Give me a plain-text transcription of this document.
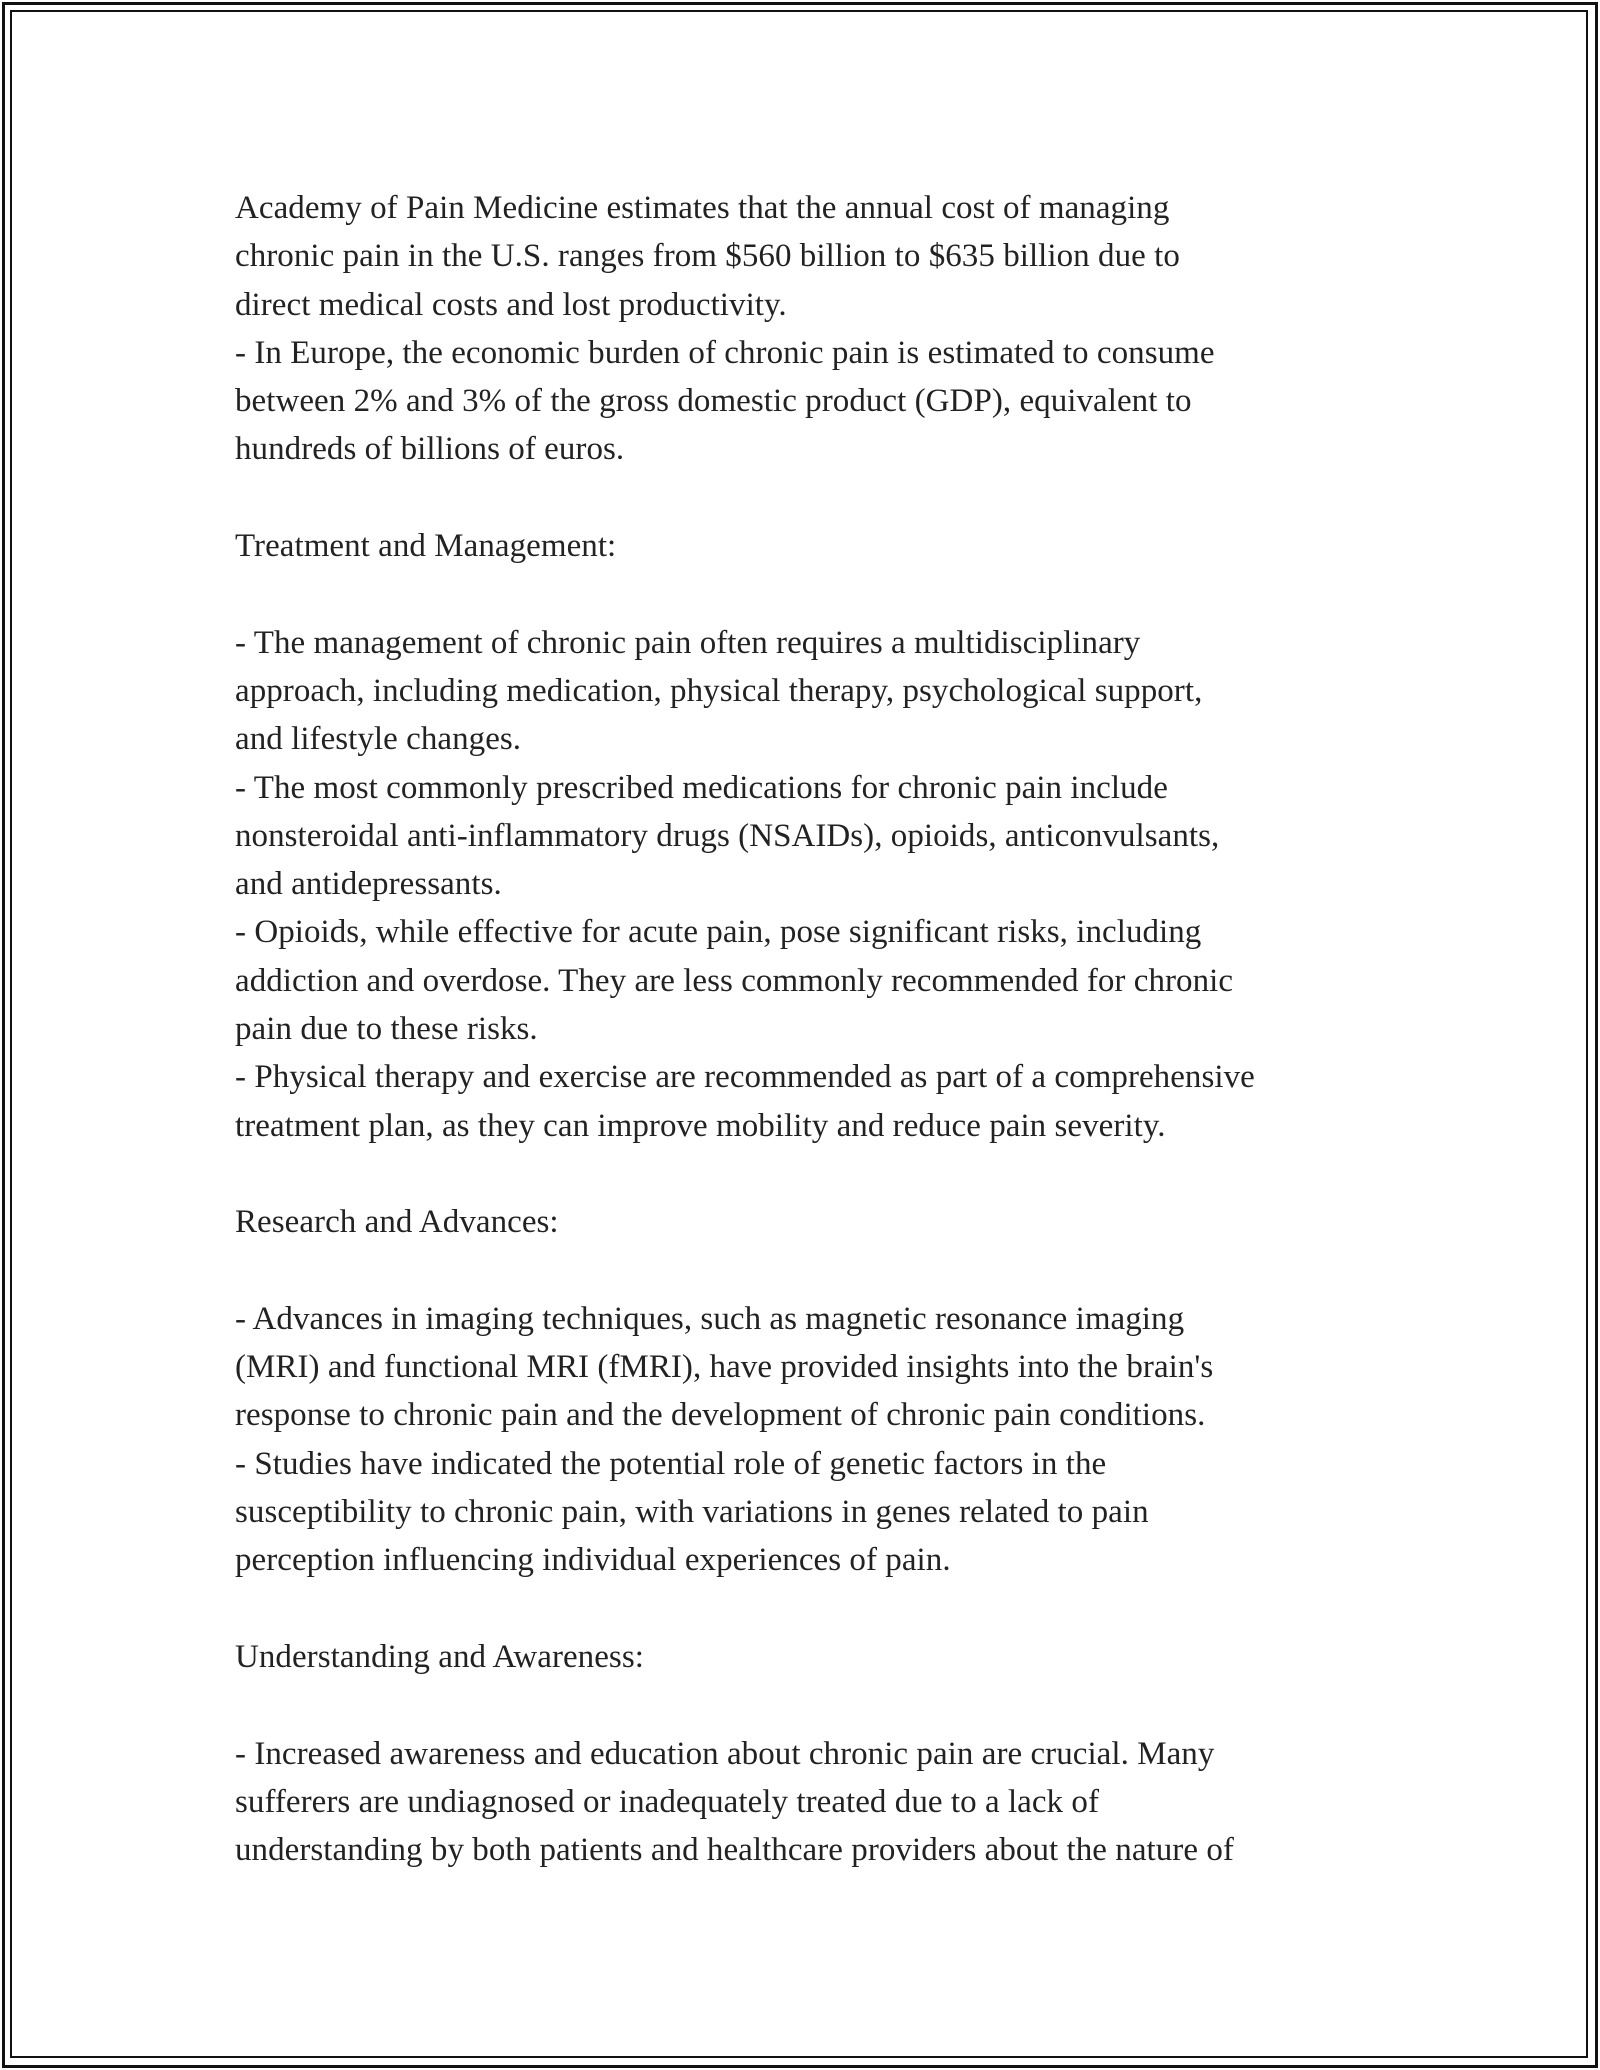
Academy of Pain Medicine estimates that the annual cost of managing
chronic pain in the U.S. ranges from $560 billion to $635 billion due to
direct medical costs and lost productivity.
- In Europe, the economic burden of chronic pain is estimated to consume
between 2% and 3% of the gross domestic product (GDP), equivalent to
hundreds of billions of euros.
Treatment and Management:
- The management of chronic pain often requires a multidisciplinary
approach, including medication, physical therapy, psychological support,
and lifestyle changes.
- The most commonly prescribed medications for chronic pain include
nonsteroidal anti-inflammatory drugs (NSAIDs), opioids, anticonvulsants,
and antidepressants.
- Opioids, while effective for acute pain, pose significant risks, including
addiction and overdose. They are less commonly recommended for chronic
pain due to these risks.
- Physical therapy and exercise are recommended as part of a comprehensive
treatment plan, as they can improve mobility and reduce pain severity.
Research and Advances:
- Advances in imaging techniques, such as magnetic resonance imaging
(MRI) and functional MRI (fMRI), have provided insights into the brain's
response to chronic pain and the development of chronic pain conditions.
- Studies have indicated the potential role of genetic factors in the
susceptibility to chronic pain, with variations in genes related to pain
perception influencing individual experiences of pain.
Understanding and Awareness:
- Increased awareness and education about chronic pain are crucial. Many
sufferers are undiagnosed or inadequately treated due to a lack of
understanding by both patients and healthcare providers about the nature of
